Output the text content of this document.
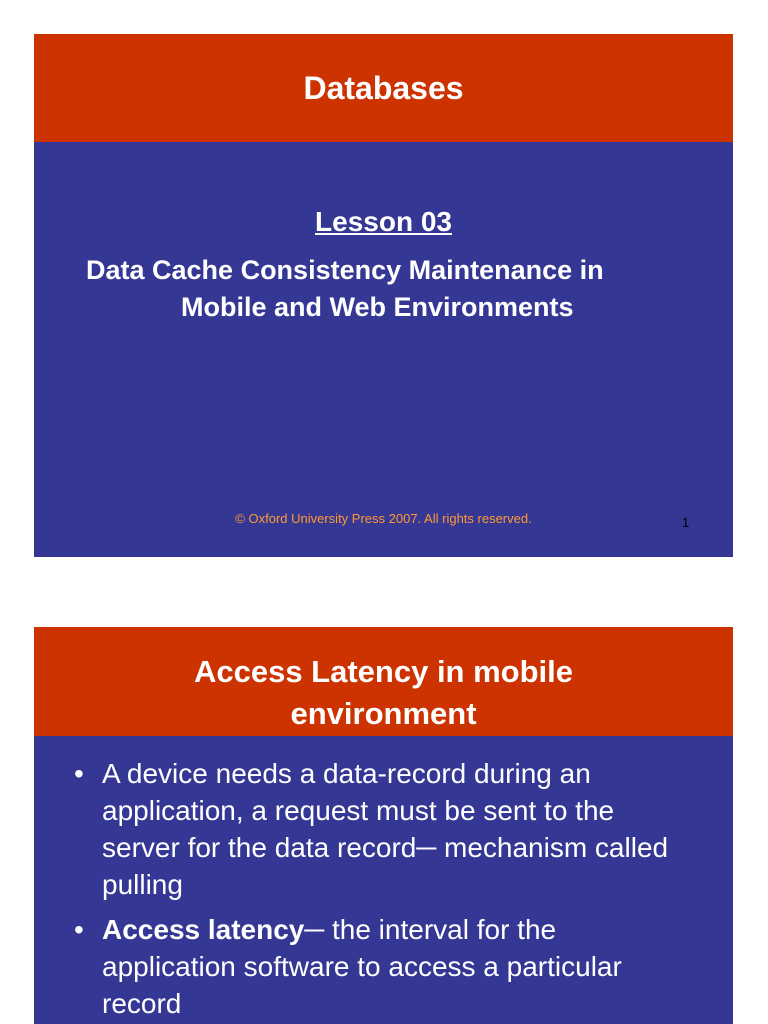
Databases
Lesson 03
Data Cache Consistency Maintenance in
Mobile and Web Environments
© Oxford University Press 2007. All rights reserved.	1
Access Latency in mobile
environment
• A device needs a data-record during an application, a request must be sent to the server for the data record─ mechanism called pulling
• Access latency─ the interval for the application software to access a particular record
